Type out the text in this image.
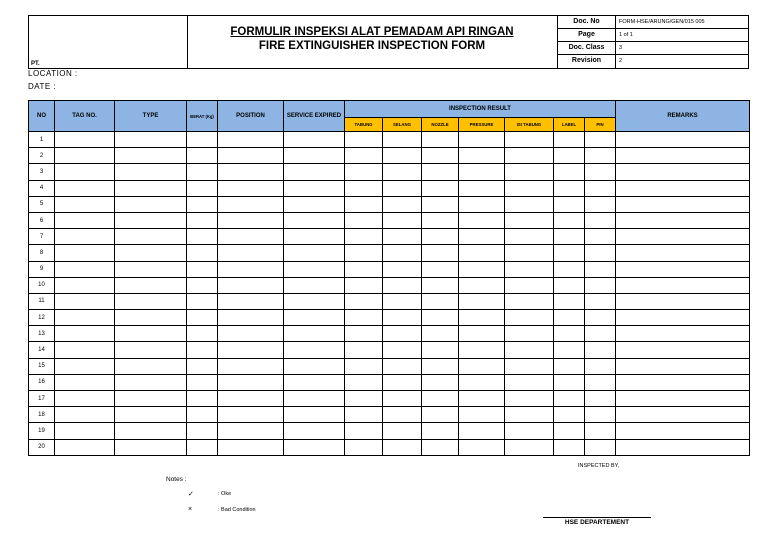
PT.
FORMULIR INSPEKSI ALAT PEMADAM API RINGAN
FIRE EXTINGUISHER INSPECTION FORM
Doc. No	FORM-HSE/ARUNG/GEN/015 005
Page	1 of 1
Doc. Class	3
Revision	2
LOCATION :
DATE :
NO	TAG NO.	TYPE	BERAT (Kg)	POSITION	SERVICE EXPIRED	INSPECTION RESULT							REMARKS
						TABUNG	SELANG	NOZZLE	PRESSURE	ISI TABUNG	LABEL	PIN	
1													
2													
3													
4													
5													
6													
7													
8													
9													
10													
11													
12													
13													
14													
15													
16													
17													
18													
19													
20													
INSPECTED BY,
Notes :
✓	: Oke
×	: Bad Condition
HSE DEPARTEMENT
